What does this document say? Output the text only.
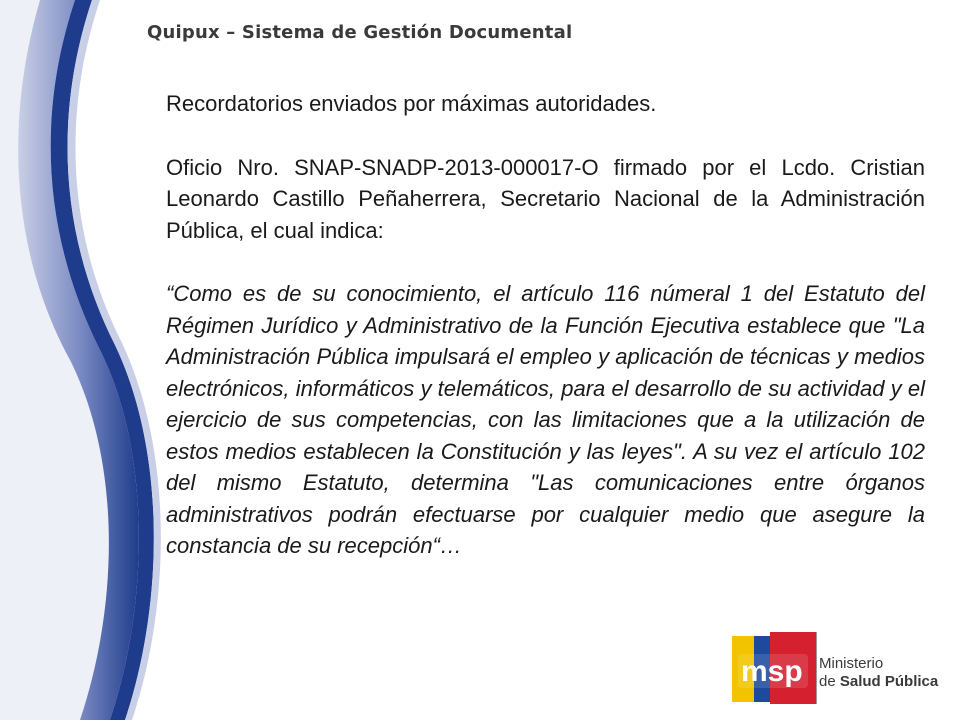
Quipux – Sistema de Gestión Documental

Recordatorios enviados por máximas autoridades.

Oficio Nro. SNAP-SNADP-2013-000017-O firmado por el Lcdo. Cristian Leonardo Castillo Peñaherrera, Secretario Nacional de la Administración Pública, el cual indica:

“Como es de su conocimiento, el artículo 116 númeral 1 del Estatuto del Régimen Jurídico y Administrativo de la Función Ejecutiva establece que "La Administración Pública impulsará el empleo y aplicación de técnicas y medios electrónicos, informáticos y telemáticos, para el desarrollo de su actividad y el ejercicio de sus competencias, con las limitaciones que a la utilización de estos medios establecen la Constitución y las leyes". A su vez el artículo 102 del mismo Estatuto, determina "Las comunicaciones entre órganos administrativos podrán efectuarse por cualquier medio que asegure la constancia de su recepción“…

msp Ministerio
de Salud Pública
